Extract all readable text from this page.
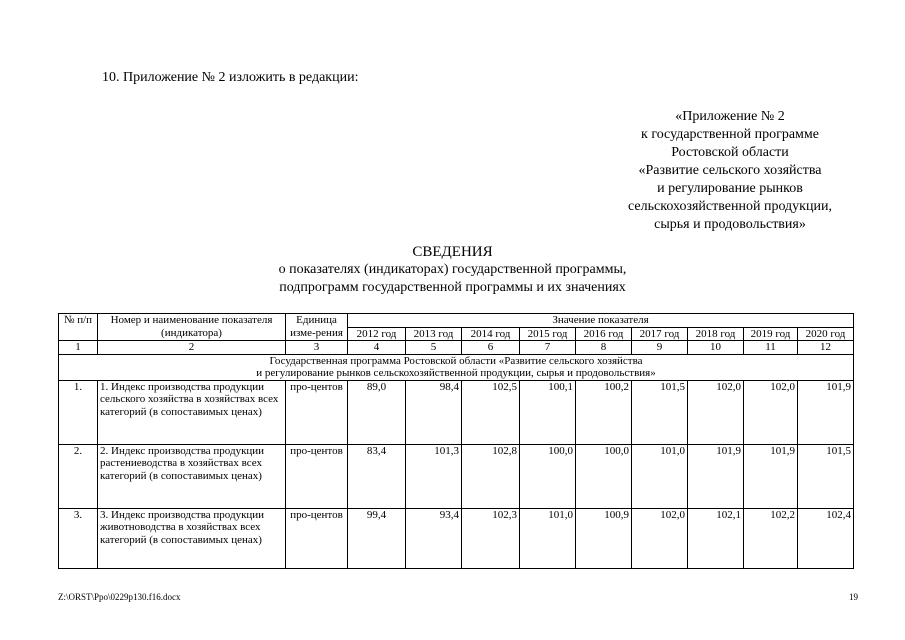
10. Приложение № 2 изложить в редакции:
«Приложение № 2
к государственной программе
Ростовской области
«Развитие сельского хозяйства
и регулирование рынков
сельскохозяйственной продукции,
сырья и продовольствия»
СВЕДЕНИЯ
о показателях (индикаторах) государственной программы,
подпрограмм государственной программы и их значениях
№ п/п	Номер и наименование показателя (индикатора)	Единица изме-рения	Значение показателя								
			2012 год	2013 год	2014 год	2015 год	2016 год	2017 год	2018 год	2019 год	2020 год
1	2	3	4	5	6	7	8	9	10	11	12

Государственная программа Ростовской области «Развитие сельского хозяйства
и регулирование рынков сельскохозяйственной продукции, сырья и продовольствия»											

1.	1. Индекс производства продукции сельского хозяйства в хозяйствах всех категорий (в сопоставимых ценах)	про-центов	89,0	98,4	102,5	100,1	100,2	101,5	102,0	102,0	101,9
2.	2. Индекс производства продукции растениеводства в хозяйствах всех категорий (в сопоставимых ценах)	про-центов	83,4	101,3	102,8	100,0	100,0	101,0	101,9	101,9	101,5
3.	3. Индекс производства продукции животноводства в хозяйствах всех категорий (в сопоставимых ценах)	про-центов	99,4	93,4	102,3	101,0	100,9	102,0	102,1	102,2	102,4
Z:\ORST\Ppo\0229p130.f16.docx	19
